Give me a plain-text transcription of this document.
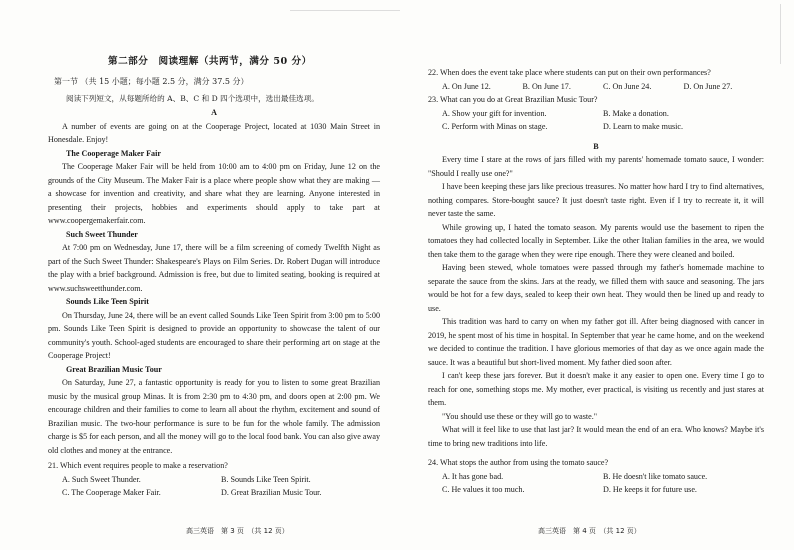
第二部分　阅读理解（共两节，满分 50 分）
第一节 （共 15 小题；每小题 2.5 分，满分 37.5 分）
阅读下列短文，从每题所给的 A、B、C 和 D 四个选项中，选出最佳选项。

A

A number of events are going on at the Cooperage Project, located at 1030 Main Street in Honesdale. Enjoy!

The Cooperage Maker Fair

The Cooperage Maker Fair will be held from 10:00 am to 4:00 pm on Friday, June 12 on the grounds of the City Museum. The Maker Fair is a place where people show what they are making — a showcase for invention and creativity, and share what they are learning. Anyone interested in presenting their projects, hobbies and experiments should apply to take part at www.coopergemakerfair.com.

Such Sweet Thunder

At 7:00 pm on Wednesday, June 17, there will be a film screening of comedy Twelfth Night as part of the Such Sweet Thunder: Shakespeare's Plays on Film Series. Dr. Robert Dugan will introduce the play with a brief background. Admission is free, but due to limited seating, booking is required at www.suchsweetthunder.com.

Sounds Like Teen Spirit

On Thursday, June 24, there will be an event called Sounds Like Teen Spirit from 3:00 pm to 5:00 pm. Sounds Like Teen Spirit is designed to provide an opportunity to showcase the talent of our community's youth. School-aged students are encouraged to share their performing art on stage at the Cooperage Project!

Great Brazilian Music Tour

On Saturday, June 27, a fantastic opportunity is ready for you to listen to some great Brazilian music by the musical group Minas. It is from 2:30 pm to 4:30 pm, and doors open at 2:00 pm. We encourage children and their families to come to learn all about the rhythm, excitement and sound of Brazilian music. The two-hour performance is sure to be fun for the whole family. The admission charge is $5 for each person, and all the money will go to the local food bank. You can also give away old clothes and money at the entrance.

21. Which event requires people to make a reservation?

A. Such Sweet Thunder.	B. Sounds Like Teen Spirit.
C. The Cooperage Maker Fair.	D. Great Brazilian Music Tour.

22. When does the event take place where students can put on their own performances?

A. On June 12.	B. On June 17.	C. On June 24.	D. On June 27.

23. What can you do at Great Brazilian Music Tour?

A. Show your gift for invention.	B. Make a donation.
C. Perform with Minas on stage.	D. Learn to make music.

B

Every time I stare at the rows of jars filled with my parents' homemade tomato sauce, I wonder: "Should I really use one?"

I have been keeping these jars like precious treasures. No matter how hard I try to find alternatives, nothing compares. Store-bought sauce? It just doesn't taste right. Even if I try to recreate it, it will never taste the same.

While growing up, I hated the tomato season. My parents would use the basement to ripen the tomatoes they had collected locally in September. Like the other Italian families in the area, we would then take them to the garage when they were ripe enough. There they were cleaned and boiled.

Having been stewed, whole tomatoes were passed through my father's homemade machine to separate the sauce from the skins. Jars at the ready, we filled them with sauce and seasoning. The jars would be hot for a few days, sealed to keep their own heat. They would then be lined up and ready to use.

This tradition was hard to carry on when my father got ill. After being diagnosed with cancer in 2019, he spent most of his time in hospital. In September that year he came home, and on the weekend we decided to continue the tradition. I have glorious memories of that day as we once again made the sauce. It was a beautiful but short-lived moment. My father died soon after.

I can't keep these jars forever. But it doesn't make it any easier to open one. Every time I go to reach for one, something stops me. My mother, ever practical, is visiting us recently and just stares at them.

"You should use these or they will go to waste."

What will it feel like to use that last jar? It would mean the end of an era. Who knows? Maybe it's time to bring new traditions into life.

24. What stops the author from using the tomato sauce?

A. It has gone bad.	B. He doesn't like tomato sauce.
C. He values it too much.	D. He keeps it for future use.
高三英语　第 3 页　（共 12 页）	高三英语　第 4 页　（共 12 页）
